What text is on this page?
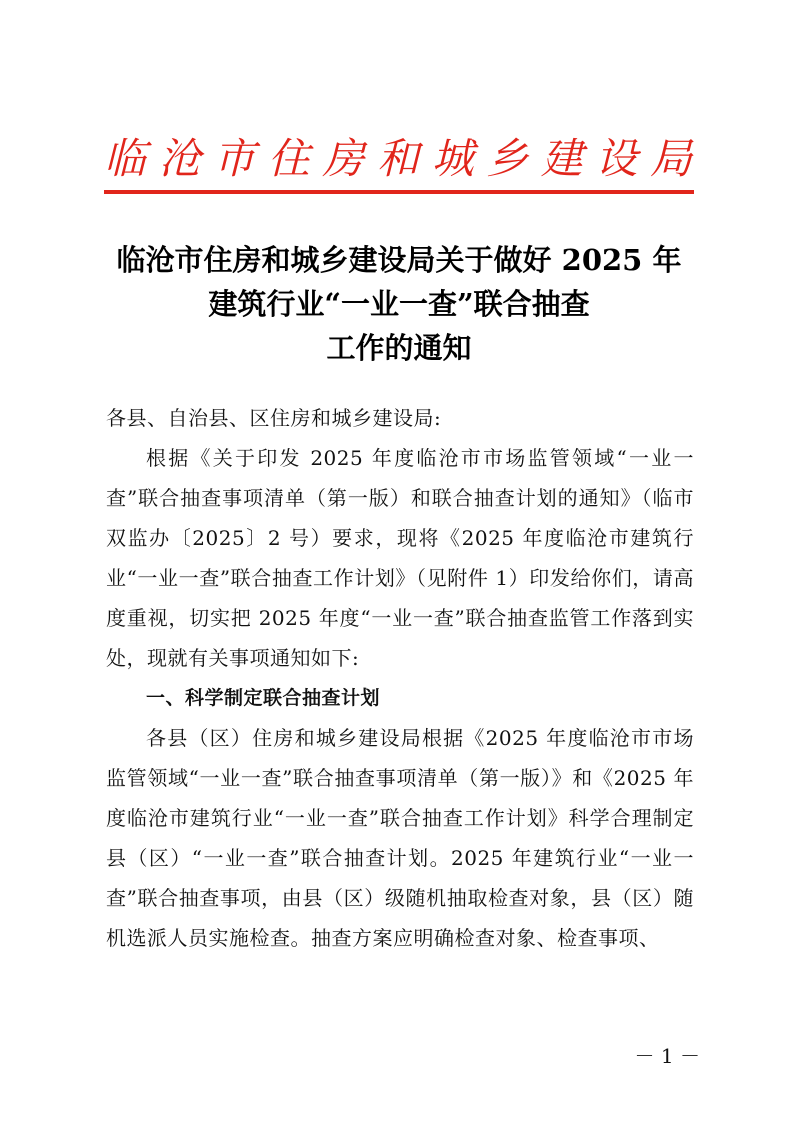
临沧市住房和城乡建设局
临沧市住房和城乡建设局关于做好 2025 年
建筑行业“一业一查”联合抽查
工作的通知

各县、自治县、区住房和城乡建设局:

根据《关于印发 2025 年度临沧市市场监管领域“一业一查”联合抽查事项清单（第一版）和联合抽查计划的通知》（临市双监办〔2025〕2 号）要求，现将《2025 年度临沧市建筑行业“一业一查”联合抽查工作计划》（见附件 1）印发给你们，请高度重视，切实把 2025 年度“一业一查”联合抽查监管工作落到实处，现就有关事项通知如下:

一、科学制定联合抽查计划

各县（区）住房和城乡建设局根据《2025 年度临沧市市场监管领域“一业一查”联合抽查事项清单（第一版）》和《2025 年度临沧市建筑行业“一业一查”联合抽查工作计划》科学合理制定县（区）“一业一查”联合抽查计划。2025 年建筑行业“一业一查”联合抽查事项，由县（区）级随机抽取检查对象，县（区）随机选派人员实施检查。抽查方案应明确检查对象、检查事项、

－ 1 －
